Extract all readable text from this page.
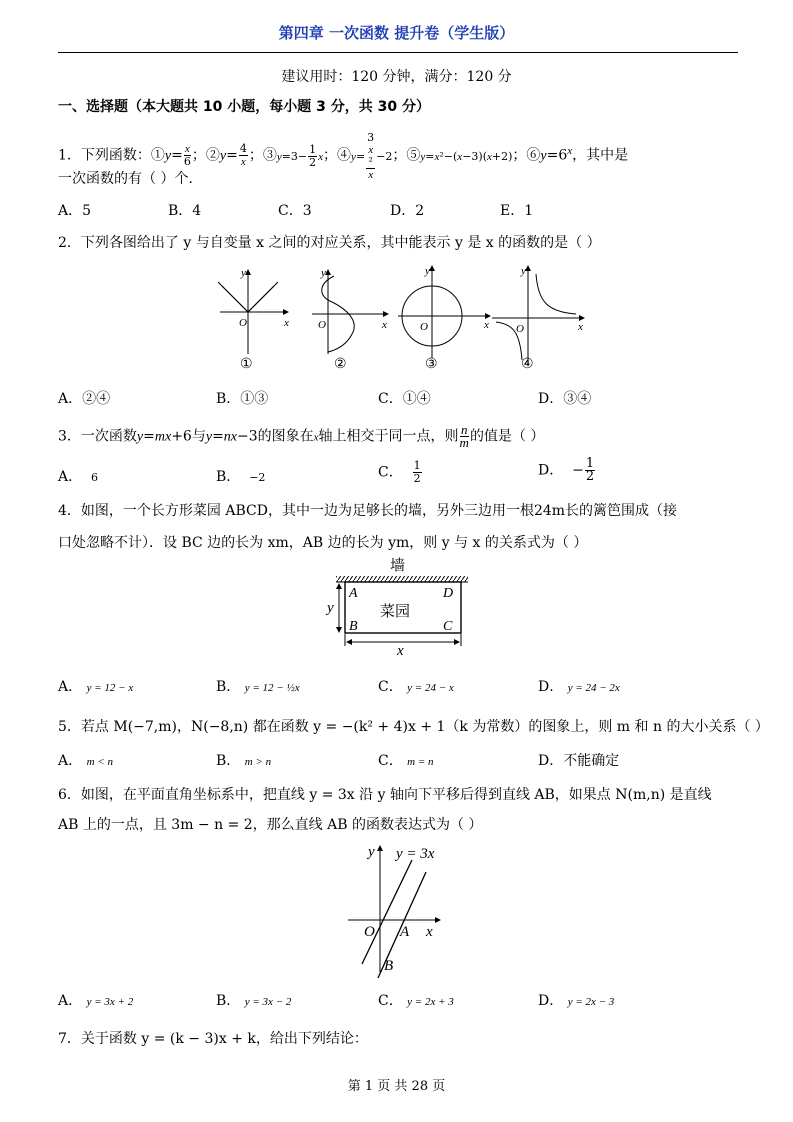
第四章 一次函数 提升卷（学生版）
建议用时：120 分钟，满分：120 分
一、选择题（本大题共 10 小题，每小题 3 分，共 30 分）
1．下列函数：①y= $\frac{x}{6}$ ；②y= $\frac{4}{x}$ ；③y=3− $\frac{1}{2}$ x；④y= 3
x
²
x −2；⑤y=x²−(x−3)(x+2)；$⑥y=6^x$，其中是
一次函数的有（ ）个.
A．5	B．4	C．3	D．2	E．1
2．下列各图给出了 y 与自变量 x 之间的对应关系，其中能表示 y 是 x 的函数的是（ ）
O	x
y
①
O	x
y
②
O	x
y
③
O	x
y
④
A．②④	B．①③	C．①④	D．③④
3．一次函数y=mx+6与y=nx−3的图象在x轴上相交于同一点，则 $\frac{n}{m}$ 的值是（ ）
A． 6	B． −2	C． $\frac{1}{2}$	D．  − $\frac{1}{2}$
4．如图，一个长方形菜园 ABCD，其中一边为足够长的墙，另外三边用一根24m长的篱笆围成（接
口处忽略不计）．设 BC 边的长为 xm，AB 边的长为 ym，则 y 与 x 的关系式为（ ）
墙
A	D
B	C
菜园
y
x
A． y = 12 − x	B． y = 12 − ½x	C． y = 24 − x	D． y = 24 − 2x
5．若点 M(−7,m)，N(−8,n) 都在函数 y = −(k² + 4)x + 1（k 为常数）的图象上，则 m 和 n 的大小关系（ ）
A． m < n	B． m > n	C． m = n	D．不能确定
6．如图，在平面直角坐标系中，把直线 y = 3x 沿 y 轴向下平移后得到直线 AB，如果点 N(m,n) 是直线
AB 上的一点，且 3m − n = 2，那么直线 AB 的函数表达式为（ ）
y y = 3x
O A x
B
A． y = 3x + 2	B． y = 3x − 2	C． y = 2x + 3	D． y = 2x − 3
7．关于函数 y = (k − 3)x + k，给出下列结论：
第 1 页 共 28 页
